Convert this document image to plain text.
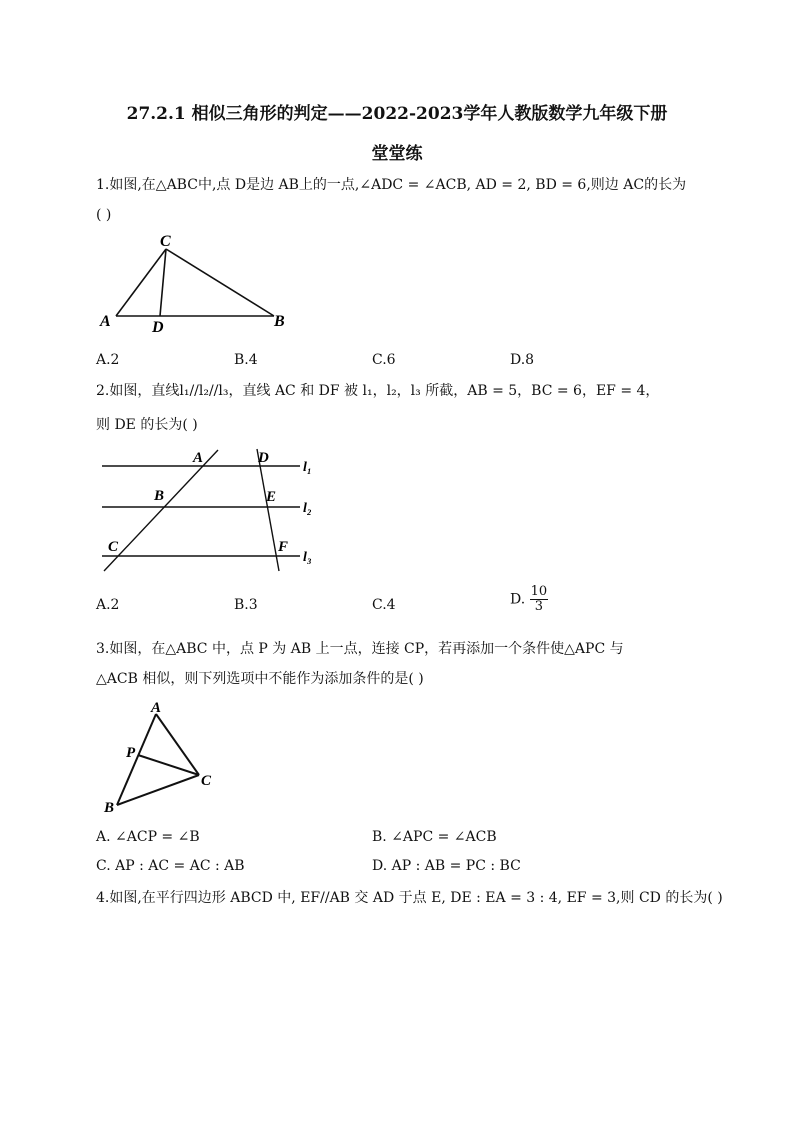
27.2.1 相似三角形的判定——2022-2023学年人教版数学九年级下册
堂堂练
1.如图,在△ABC中,点 D是边 AB上的一点,∠ADC = ∠ACB, AD = 2, BD = 6,则边 AC的长为
( )
C
A	D	B
A.2	B.4	C.6	D.8
2.如图，直线l₁//l₂//l₃，直线 AC 和 DF 被 l₁，l₂，l₃ 所截，AB = 5，BC = 6，EF = 4，
则 DE 的长为( )
A	D
l₁
B	E
l₂
C	F
l₃
A.2	B.3	C.4	D. $\frac{10}{3}$
3.如图，在△ABC 中，点 P 为 AB 上一点，连接 CP，若再添加一个条件使△APC 与
△ACB 相似，则下列选项中不能作为添加条件的是( )
A
P
C
B
A. ∠ACP = ∠B	B. ∠APC = ∠ACB
C. AP : AC = AC : AB	D. AP : AB = PC : BC
4.如图,在平行四边形 ABCD 中, EF//AB 交 AD 于点 E, DE : EA = 3 : 4, EF = 3,则 CD 的长为( )
